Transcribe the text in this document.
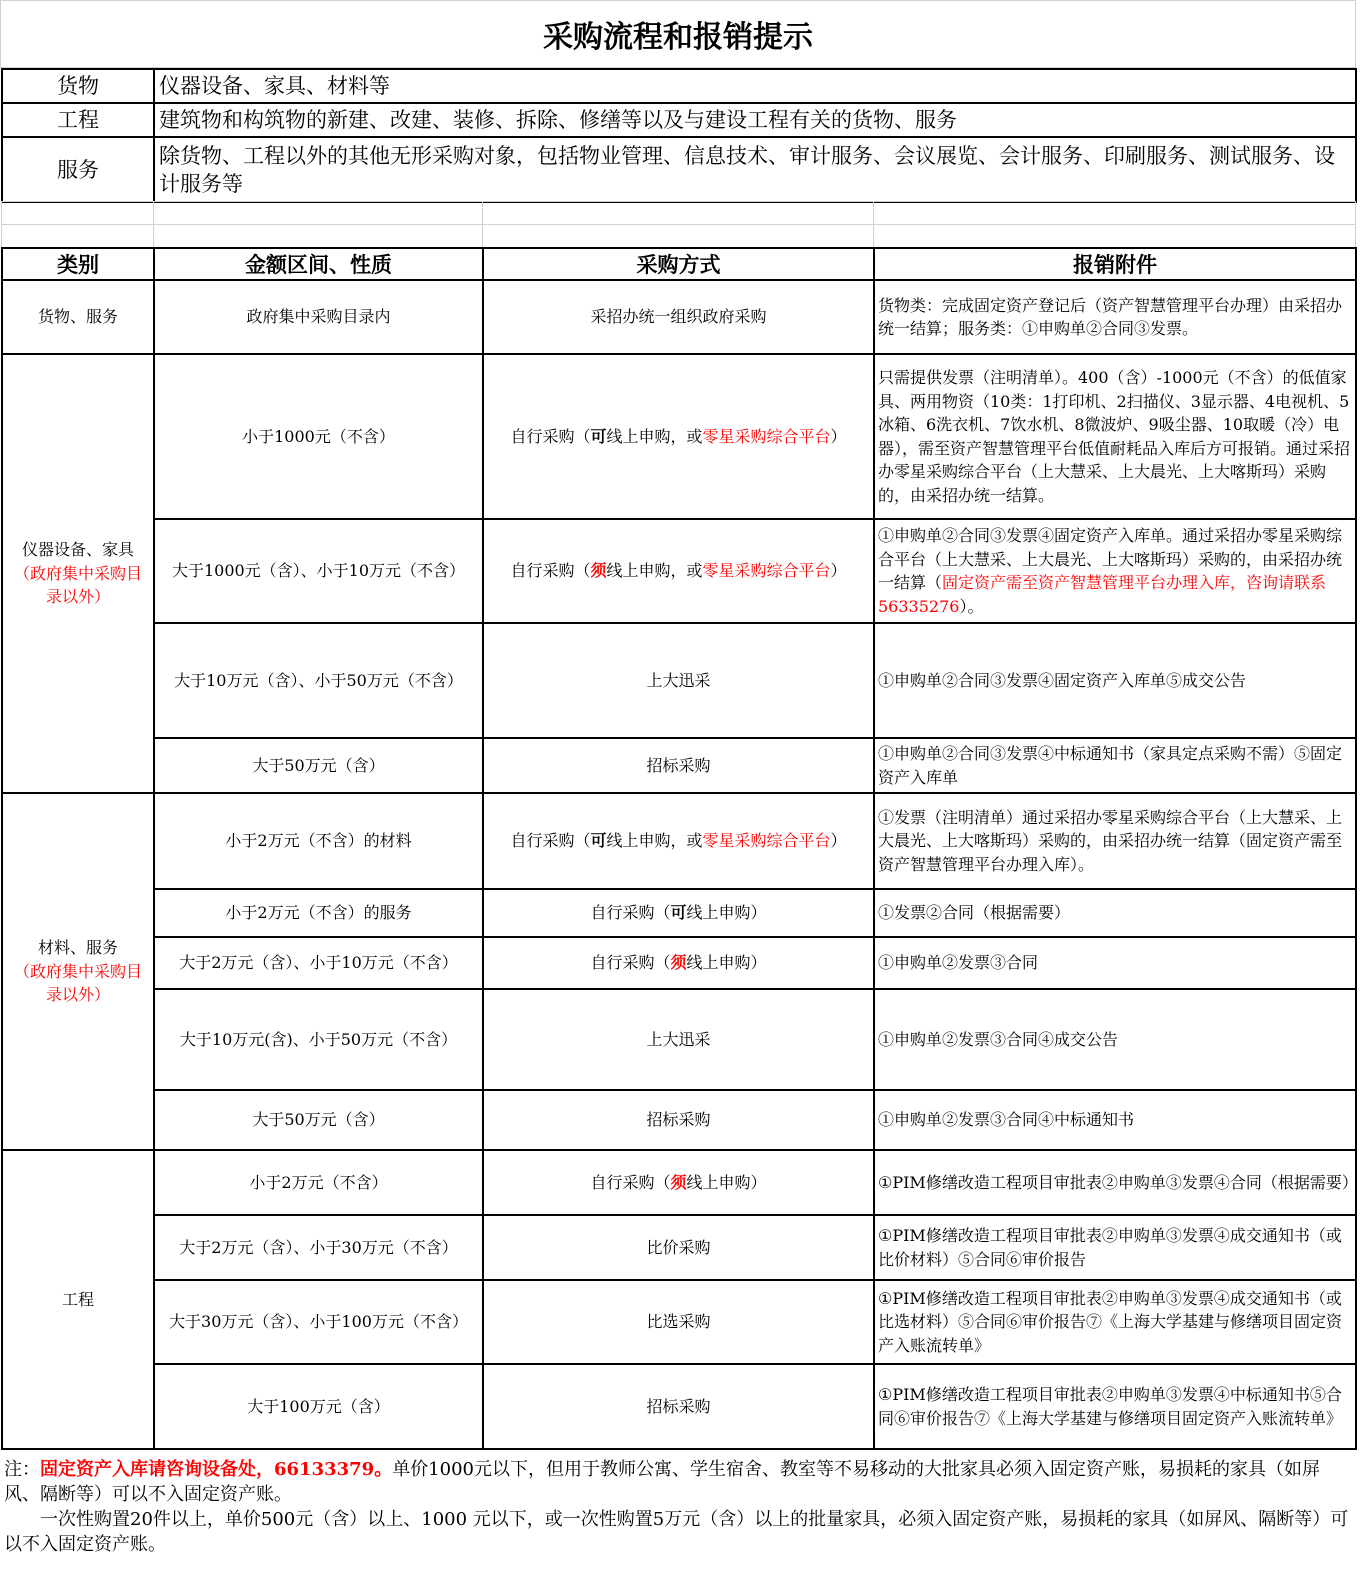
采购流程和报销提示
货物	仪器设备、家具、材料等
工程	建筑物和构筑物的新建、改建、装修、拆除、修缮等以及与建设工程有关的货物、服务
服务	除货物、工程以外的其他无形采购对象，包括物业管理、信息技术、审计服务、会议展览、会计服务、印刷服务、测试服务、设计服务等

类别	金额区间、性质	采购方式	报销附件
货物、服务	政府集中采购目录内	采招办统一组织政府采购	货物类：完成固定资产登记后（资产智慧管理平台办理）由采招办统一结算；服务类：①申购单②合同③发票。
仪器设备、家具
（政府集中采购目录以外）	小于1000元（不含）	自行采购（可线上申购，或零星采购综合平台）	只需提供发票（注明清单）。400（含）-1000元（不含）的低值家具、两用物资（10类：1打印机、2扫描仪、3显示器、4电视机、5冰箱、6洗衣机、7饮水机、8微波炉、9吸尘器、10取暖（冷）电器），需至资产智慧管理平台低值耐耗品入库后方可报销。通过采招办零星采购综合平台（上大慧采、上大晨光、上大喀斯玛）采购的，由采招办统一结算。
	大于1000元（含）、小于10万元（不含）	自行采购（须线上申购，或零星采购综合平台）	①申购单②合同③发票④固定资产入库单。通过采招办零星采购综合平台（上大慧采、上大晨光、上大喀斯玛）采购的，由采招办统一结算（固定资产需至资产智慧管理平台办理入库，咨询请联系56335276）。
	大于10万元（含）、小于50万元（不含）	上大迅采	①申购单②合同③发票④固定资产入库单⑤成交公告
	大于50万元（含）	招标采购	①申购单②合同③发票④中标通知书（家具定点采购不需）⑤固定资产入库单
材料、服务
（政府集中采购目录以外）	小于2万元（不含）的材料	自行采购（可线上申购，或零星采购综合平台）	①发票（注明清单）通过采招办零星采购综合平台（上大慧采、上大晨光、上大喀斯玛）采购的，由采招办统一结算（固定资产需至资产智慧管理平台办理入库）。
	小于2万元（不含）的服务	自行采购（可线上申购）	①发票②合同（根据需要）
	大于2万元（含）、小于10万元（不含）	自行采购（须线上申购）	①申购单②发票③合同
	大于10万元(含)、小于50万元（不含）	上大迅采	①申购单②发票③合同④成交公告
	大于50万元（含）	招标采购	①申购单②发票③合同④中标通知书
工程	小于2万元（不含）	自行采购（须线上申购）	①PIM修缮改造工程项目审批表②申购单③发票④合同（根据需要）
	大于2万元（含）、小于30万元（不含）	比价采购	①PIM修缮改造工程项目审批表②申购单③发票④成交通知书（或比价材料）⑤合同⑥审价报告
	大于30万元（含）、小于100万元（不含）	比选采购	①PIM修缮改造工程项目审批表②申购单③发票④成交通知书（或比选材料）⑤合同⑥审价报告⑦《上海大学基建与修缮项目固定资产入账流转单》
	大于100万元（含）	招标采购	①PIM修缮改造工程项目审批表②申购单③发票④中标通知书⑤合同⑥审价报告⑦《上海大学基建与修缮项目固定资产入账流转单》
注：固定资产入库请咨询设备处，66133379。单价1000元以下，但用于教师公寓、学生宿舍、教室等不易移动的大批家具必须入固定资产账，易损耗的家具（如屏风、隔断等）可以不入固定资产账。
一次性购置20件以上，单价500元（含）以上、1000 元以下，或一次性购置5万元（含）以上的批量家具，必须入固定资产账，易损耗的家具（如屏风、隔断等）可以不入固定资产账。
